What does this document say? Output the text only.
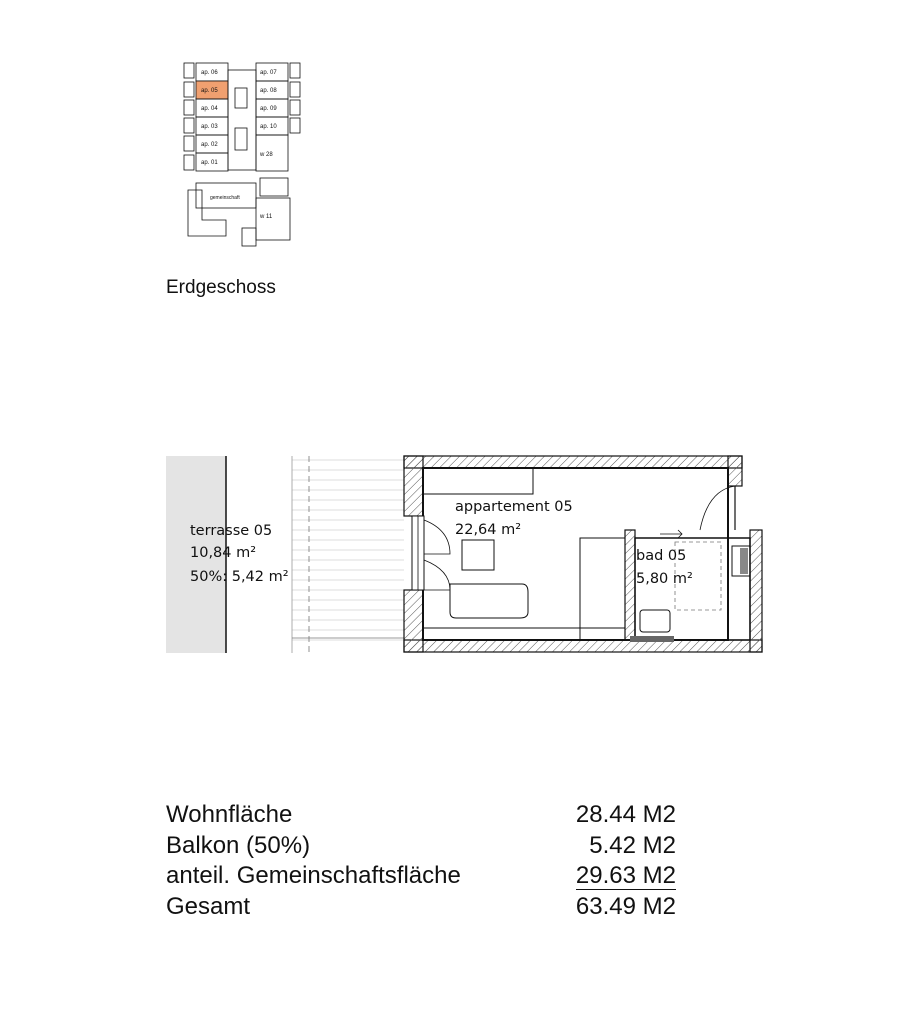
ap. 06
ap. 05
ap. 04
ap. 03
ap. 02
ap. 01
ap. 07
ap. 08
ap. 09
ap. 10
w 28
gemeinschaft
w 11
Erdgeschoss
terrasse 05
10,84 m²
50%: 5,42 m²
appartement 05
22,64 m²
bad 05
5,80 m²
Wohnfläche	28.44 M2
Balkon (50%)	5.42 M2
anteil. Gemeinschaftsfläche	29.63 M2
Gesamt	63.49 M2
